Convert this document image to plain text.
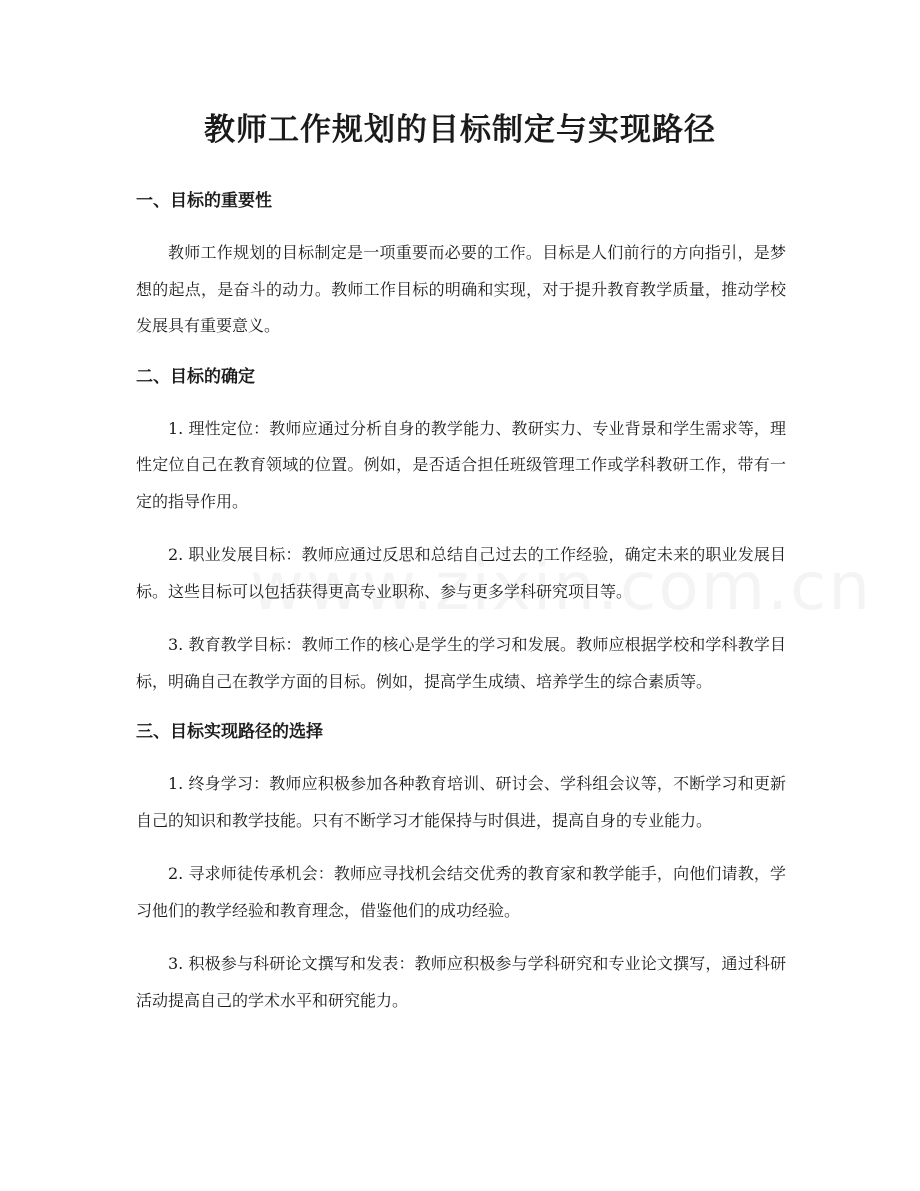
教师工作规划的目标制定与实现路径
一、目标的重要性

教师工作规划的目标制定是一项重要而必要的工作。目标是人们前行的方向指引，是梦想的起点，是奋斗的动力。教师工作目标的明确和实现，对于提升教育教学质量，推动学校发展具有重要意义。

二、目标的确定

1. 理性定位：教师应通过分析自身的教学能力、教研实力、专业背景和学生需求等，理性定位自己在教育领域的位置。例如，是否适合担任班级管理工作或学科教研工作，带有一定的指导作用。

2. 职业发展目标：教师应通过反思和总结自己过去的工作经验，确定未来的职业发展目标。这些目标可以包括获得更高专业职称、参与更多学科研究项目等。

3. 教育教学目标：教师工作的核心是学生的学习和发展。教师应根据学校和学科教学目标，明确自己在教学方面的目标。例如，提高学生成绩、培养学生的综合素质等。

三、目标实现路径的选择

1. 终身学习：教师应积极参加各种教育培训、研讨会、学科组会议等，不断学习和更新自己的知识和教学技能。只有不断学习才能保持与时俱进，提高自身的专业能力。

2. 寻求师徒传承机会：教师应寻找机会结交优秀的教育家和教学能手，向他们请教，学习他们的教学经验和教育理念，借鉴他们的成功经验。

3. 积极参与科研论文撰写和发表：教师应积极参与学科研究和专业论文撰写，通过科研活动提高自己的学术水平和研究能力。
